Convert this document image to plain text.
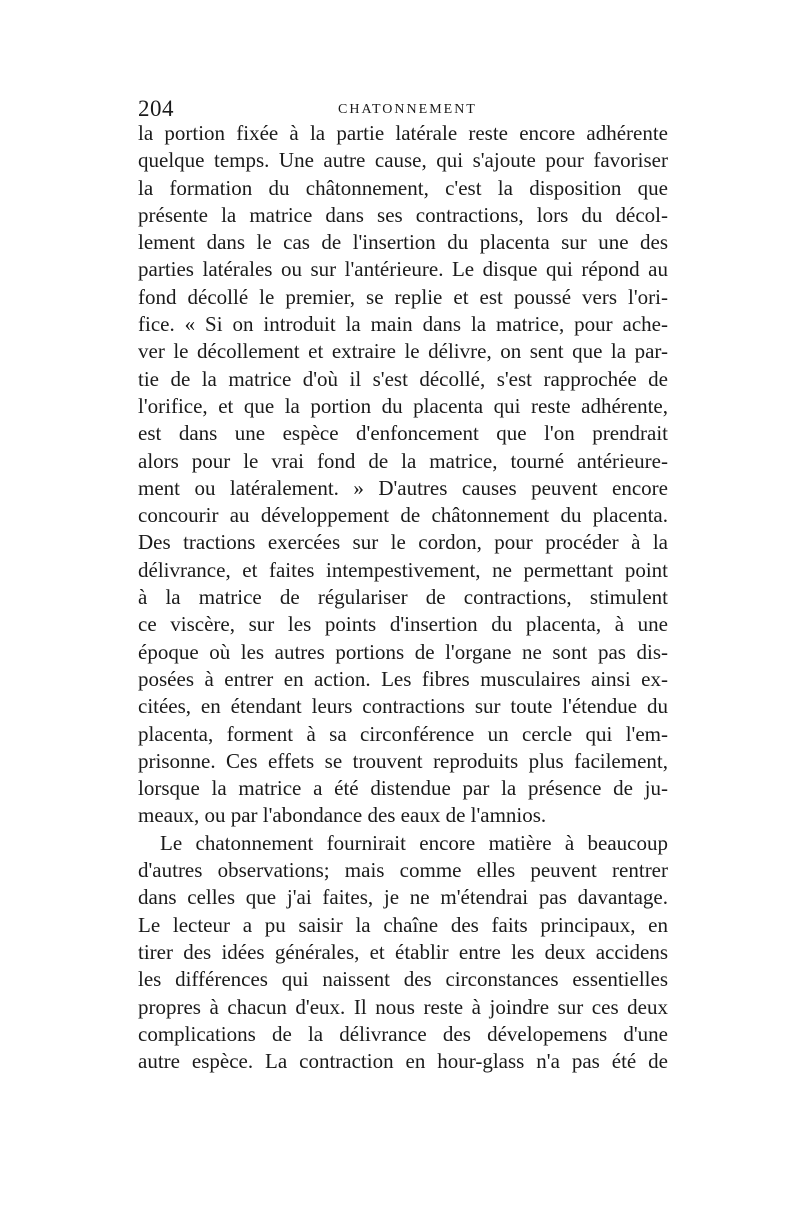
204	CHATONNEMENT
la portion fixée à la partie latérale reste encore adhérente
quelque temps. Une autre cause, qui s'ajoute pour favoriser
la formation du châtonnement, c'est la disposition que
présente la matrice dans ses contractions, lors du décol-
lement dans le cas de l'insertion du placenta sur une des
parties latérales ou sur l'antérieure. Le disque qui répond au
fond décollé le premier, se replie et est poussé vers l'ori-
fice. « Si on introduit la main dans la matrice, pour ache-
ver le décollement et extraire le délivre, on sent que la par-
tie de la matrice d'où il s'est décollé, s'est rapprochée de
l'orifice, et que la portion du placenta qui reste adhérente,
est dans une espèce d'enfoncement que l'on prendrait
alors pour le vrai fond de la matrice, tourné antérieure-
ment ou latéralement. » D'autres causes peuvent encore
concourir au développement de châtonnement du placenta.
Des tractions exercées sur le cordon, pour procéder à la
délivrance, et faites intempestivement, ne permettant point
à la matrice de régulariser de contractions, stimulent
ce viscère, sur les points d'insertion du placenta, à une
époque où les autres portions de l'organe ne sont pas dis-
posées à entrer en action. Les fibres musculaires ainsi ex-
citées, en étendant leurs contractions sur toute l'étendue du
placenta, forment à sa circonférence un cercle qui l'em-
prisonne. Ces effets se trouvent reproduits plus facilement,
lorsque la matrice a été distendue par la présence de ju-
meaux, ou par l'abondance des eaux de l'amnios.
Le chatonnement fournirait encore matière à beaucoup
d'autres observations; mais comme elles peuvent rentrer
dans celles que j'ai faites, je ne m'étendrai pas davantage.
Le lecteur a pu saisir la chaîne des faits principaux, en
tirer des idées générales, et établir entre les deux accidens
les différences qui naissent des circonstances essentielles
propres à chacun d'eux. Il nous reste à joindre sur ces deux
complications de la délivrance des dévelopemens d'une
autre espèce. La contraction en hour-glass n'a pas été de
